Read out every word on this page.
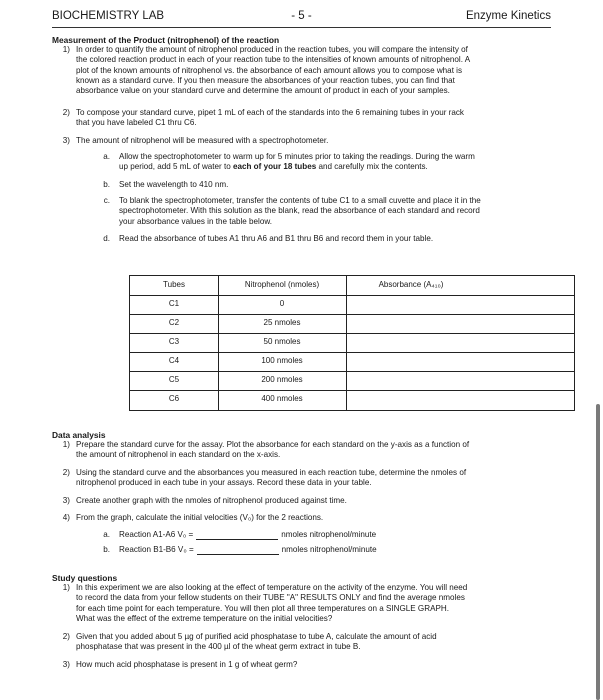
BIOCHEMISTRY LAB	- 5 -	Enzyme Kinetics
Measurement of the Product (nitrophenol) of the reaction
1) In order to quantify the amount of nitrophenol produced in the reaction tubes, you will compare the intensity of
the colored reaction product in each of your reaction tube to the intensities of known amounts of nitrophenol. A
plot of the known amounts of nitrophenol vs. the absorbance of each amount allows you to compose what is
known as a standard curve. If you then measure the absorbances of your reaction tubes, you can find that
absorbance value on your standard curve and determine the amount of product in each of your samples.
2) To compose your standard curve, pipet 1 mL of each of the standards into the 6 remaining tubes in your rack
that you have labeled C1 thru C6.
3) The amount of nitrophenol will be measured with a spectrophotometer.
a. Allow the spectrophotometer to warm up for 5 minutes prior to taking the readings. During the warm
up period, add 5 mL of water to each of your 18 tubes and carefully mix the contents.
b. Set the wavelength to 410 nm.
c. To blank the spectrophotometer, transfer the contents of tube C1 to a small cuvette and place it in the
spectrophotometer. With this solution as the blank, read the absorbance of each standard and record
your absorbance values in the table below.
d. Read the absorbance of tubes A1 thru A6 and B1 thru B6 and record them in your table.
Tubes	Nitrophenol (nmoles)	Absorbance (A₄₁₀)
C1	0
C2	25 nmoles
C3	50 nmoles
C4	100 nmoles
C5	200 nmoles
C6	400 nmoles
Data analysis
1) Prepare the standard curve for the assay. Plot the absorbance for each standard on the y-axis as a function of
the amount of nitrophenol in each standard on the x-axis.
2) Using the standard curve and the absorbances you measured in each reaction tube, determine the nmoles of
nitrophenol produced in each tube in your assays. Record these data in your table.
3) Create another graph with the nmoles of nitrophenol produced against time.
4) From the graph, calculate the initial velocities (V₀) for the 2 reactions.
a. Reaction A1-A6 V₀ =	nmoles nitrophenol/minute
b. Reaction B1-B6 V₀ =	nmoles nitrophenol/minute
Study questions
1) In this experiment we are also looking at the effect of temperature on the activity of the enzyme. You will need
to record the data from your fellow students on their TUBE "A" RESULTS ONLY and find the average nmoles
for each time point for each temperature. You will then plot all three temperatures on a SINGLE GRAPH.
What was the effect of the extreme temperature on the initial velocities?
2) Given that you added about 5 µg of purified acid phosphatase to tube A, calculate the amount of acid
phosphatase that was present in the 400 µl of the wheat germ extract in tube B.
3) How much acid phosphatase is present in 1 g of wheat germ?
